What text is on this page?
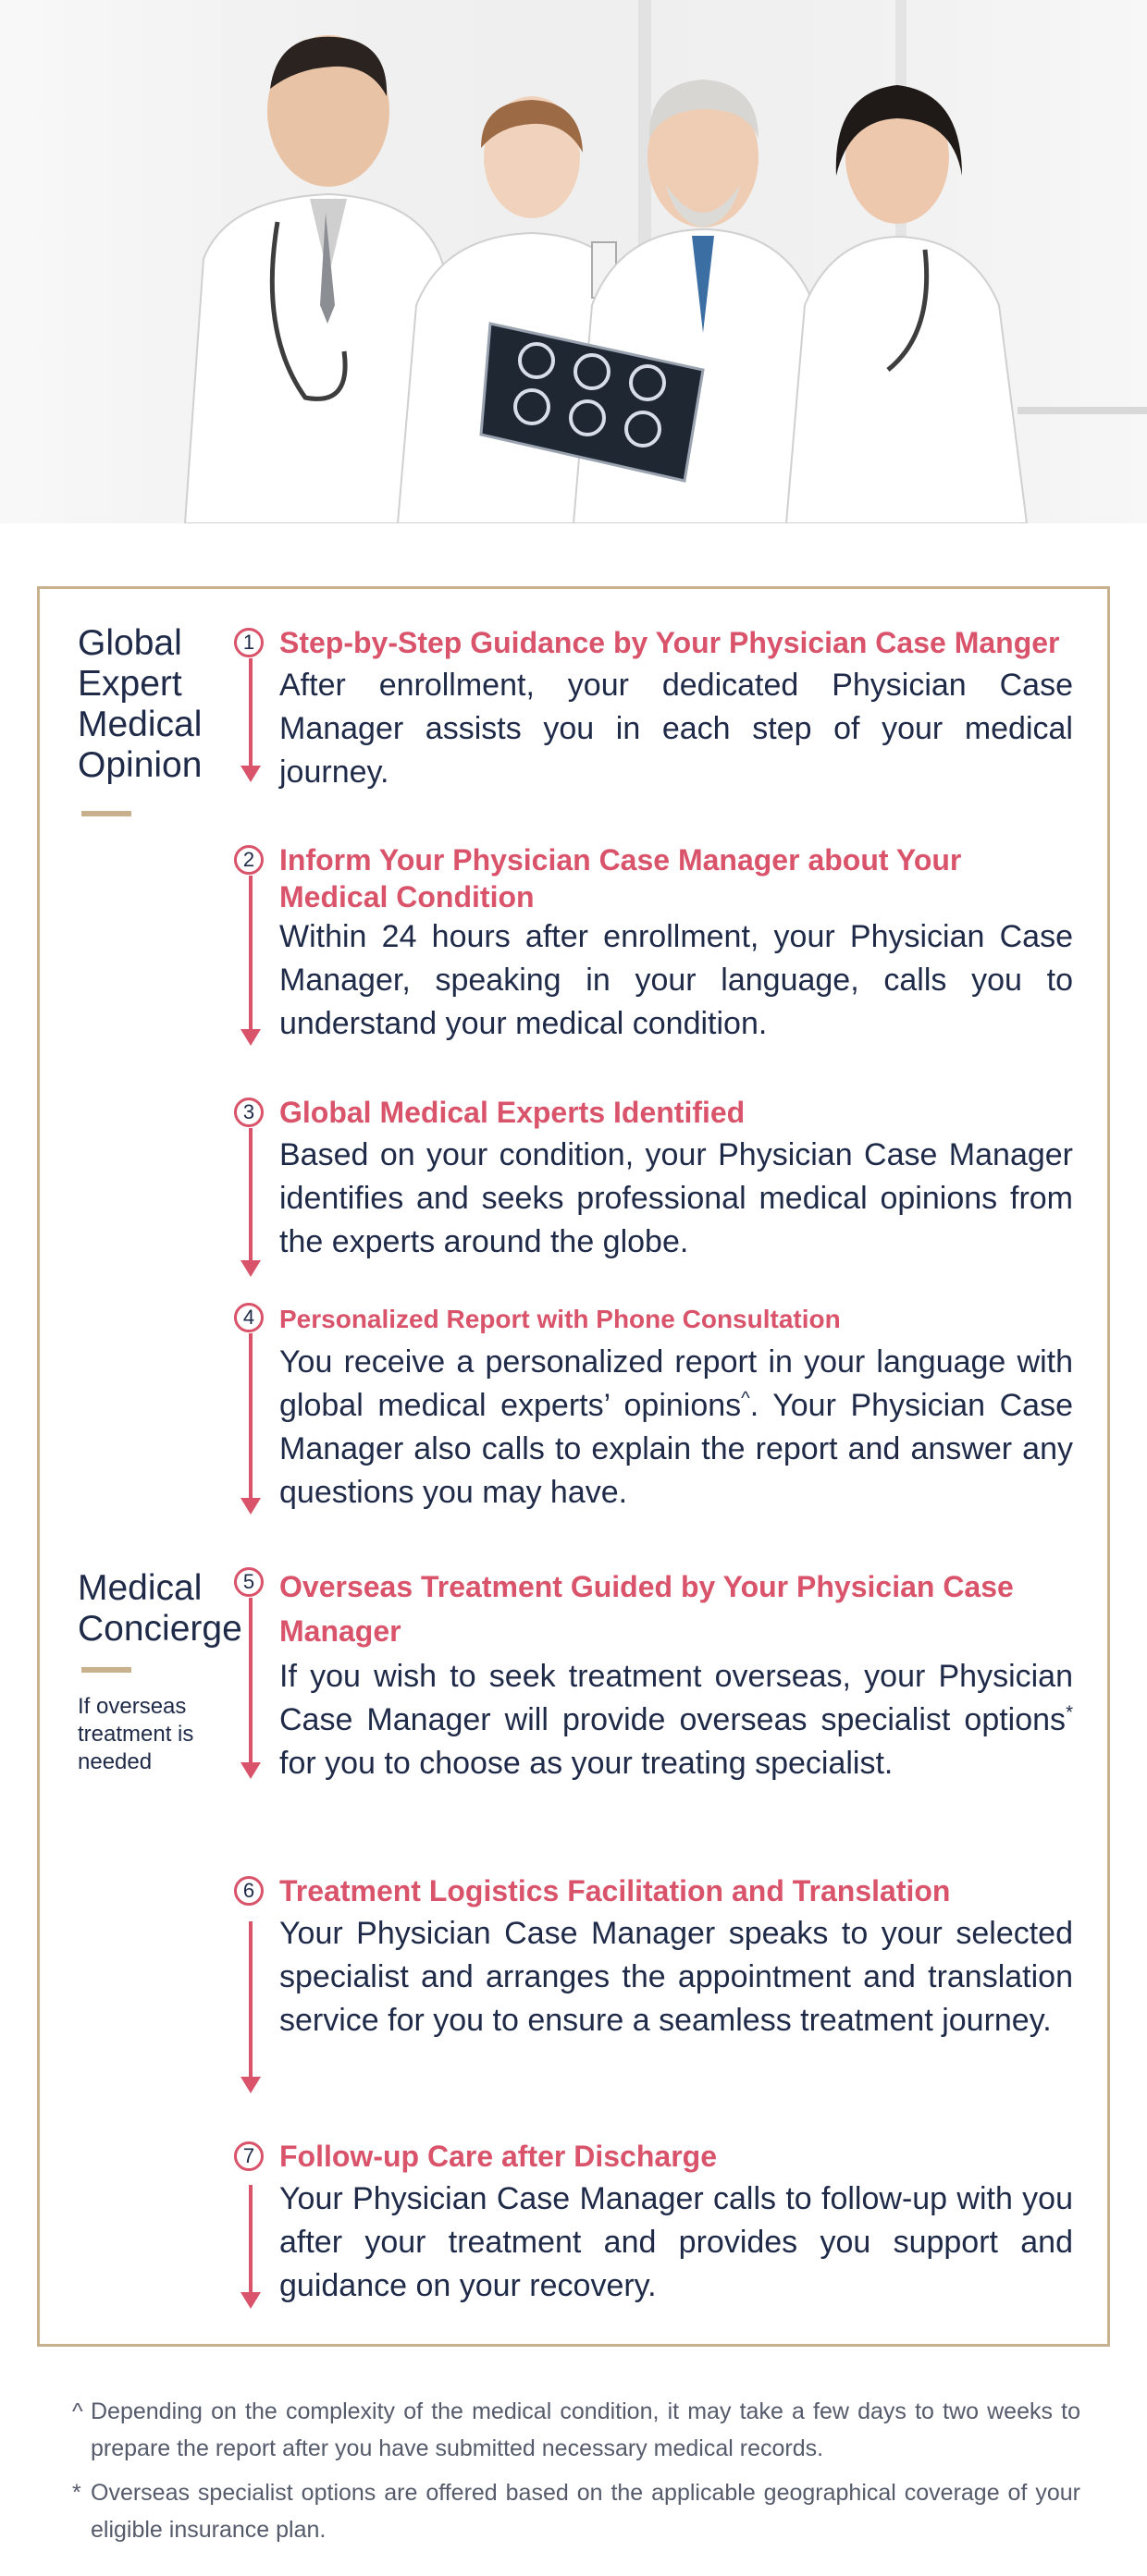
Global
Expert
Medical
Opinion
Medical
Concierge
If overseas
treatment is
needed
1 Step-by-Step Guidance by Your Physician Case Manger
After enrollment, your dedicated Physician Case Manager assists you in each step of your medical journey.
2 Inform Your Physician Case Manager about Your Medical Condition
Within 24 hours after enrollment, your Physician Case Manager, speaking in your language, calls you to understand your medical condition.
3 Global Medical Experts Identified
Based on your condition, your Physician Case Manager identifies and seeks professional medical opinions from the experts around the globe.
4 Personalized Report with Phone Consultation
You receive a personalized report in your language with global medical experts’ opinions^. Your Physician Case Manager also calls to explain the report and answer any questions you may have.
5 Overseas Treatment Guided by Your Physician Case Manager
If you wish to seek treatment overseas, your Physician Case Manager will provide overseas specialist options* for you to choose as your treating specialist.
6 Treatment Logistics Facilitation and Translation
Your Physician Case Manager speaks to your selected specialist and arranges the appointment and translation service for you to ensure a seamless treatment journey.
7 Follow-up Care after Discharge
Your Physician Case Manager calls to follow-up with you after your treatment and provides you support and guidance on your recovery.
^ Depending on the complexity of the medical condition, it may take a few days to two weeks to prepare the report after you have submitted necessary medical records.
* Overseas specialist options are offered based on the applicable geographical coverage of your eligible insurance plan.
